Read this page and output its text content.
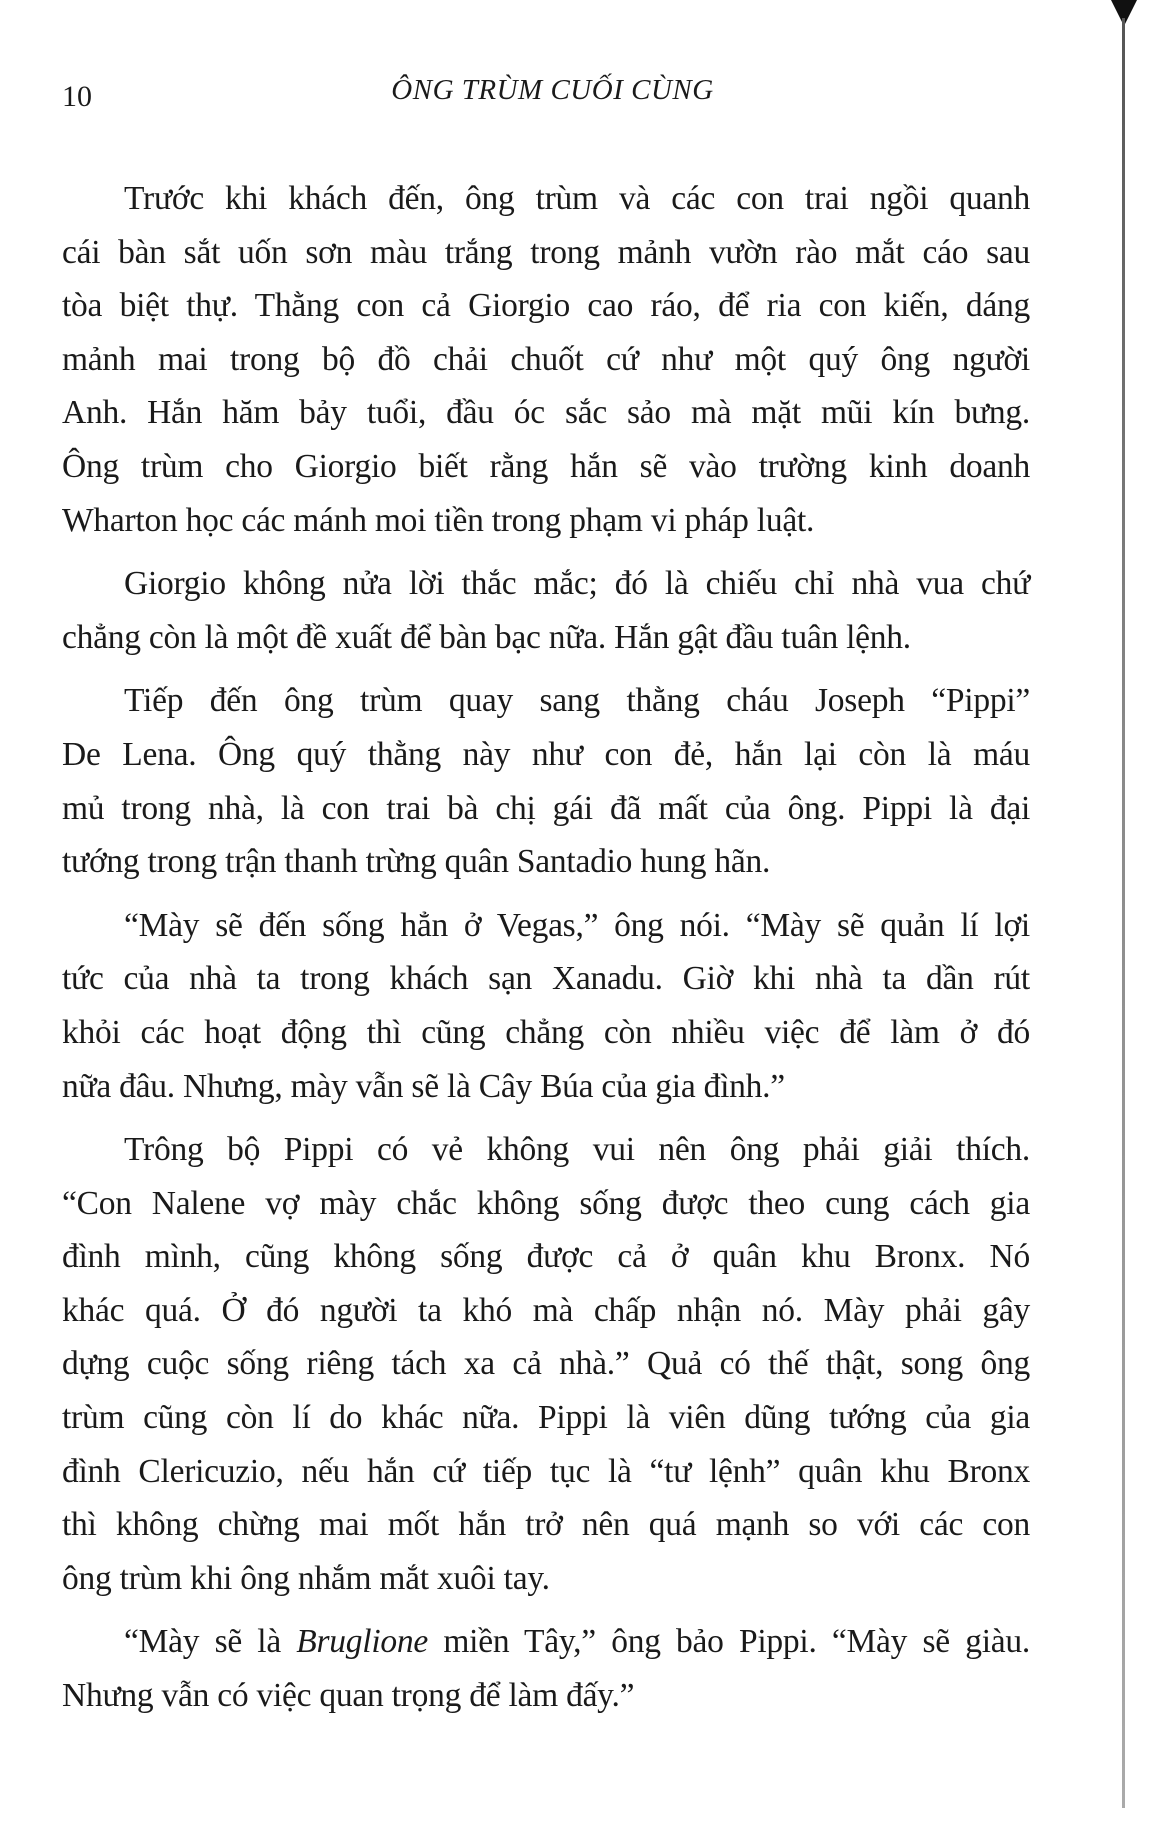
10	ÔNG TRÙM CUỐI CÙNG
Trước khi khách đến, ông trùm và các con trai ngồi quanh
cái bàn sắt uốn sơn màu trắng trong mảnh vườn rào mắt cáo sau
tòa biệt thự. Thằng con cả Giorgio cao ráo, để ria con kiến, dáng
mảnh mai trong bộ đồ chải chuốt cứ như một quý ông người
Anh. Hắn hăm bảy tuổi, đầu óc sắc sảo mà mặt mũi kín bưng.
Ông trùm cho Giorgio biết rằng hắn sẽ vào trường kinh doanh
Wharton học các mánh moi tiền trong phạm vi pháp luật.
Giorgio không nửa lời thắc mắc; đó là chiếu chỉ nhà vua chứ
chẳng còn là một đề xuất để bàn bạc nữa. Hắn gật đầu tuân lệnh.
Tiếp đến ông trùm quay sang thằng cháu Joseph “Pippi”
De Lena. Ông quý thằng này như con đẻ, hắn lại còn là máu
mủ trong nhà, là con trai bà chị gái đã mất của ông. Pippi là đại
tướng trong trận thanh trừng quân Santadio hung hãn.
“Mày sẽ đến sống hẳn ở Vegas,” ông nói. “Mày sẽ quản lí lợi
tức của nhà ta trong khách sạn Xanadu. Giờ khi nhà ta dần rút
khỏi các hoạt động thì cũng chẳng còn nhiều việc để làm ở đó
nữa đâu. Nhưng, mày vẫn sẽ là Cây Búa của gia đình.”
Trông bộ Pippi có vẻ không vui nên ông phải giải thích.
“Con Nalene vợ mày chắc không sống được theo cung cách gia
đình mình, cũng không sống được cả ở quân khu Bronx. Nó
khác quá. Ở đó người ta khó mà chấp nhận nó. Mày phải gây
dựng cuộc sống riêng tách xa cả nhà.” Quả có thế thật, song ông
trùm cũng còn lí do khác nữa. Pippi là viên dũng tướng của gia
đình Clericuzio, nếu hắn cứ tiếp tục là “tư lệnh” quân khu Bronx
thì không chừng mai mốt hắn trở nên quá mạnh so với các con
ông trùm khi ông nhắm mắt xuôi tay.
“Mày sẽ là Bruglione miền Tây,” ông bảo Pippi. “Mày sẽ giàu.
Nhưng vẫn có việc quan trọng để làm đấy.”
